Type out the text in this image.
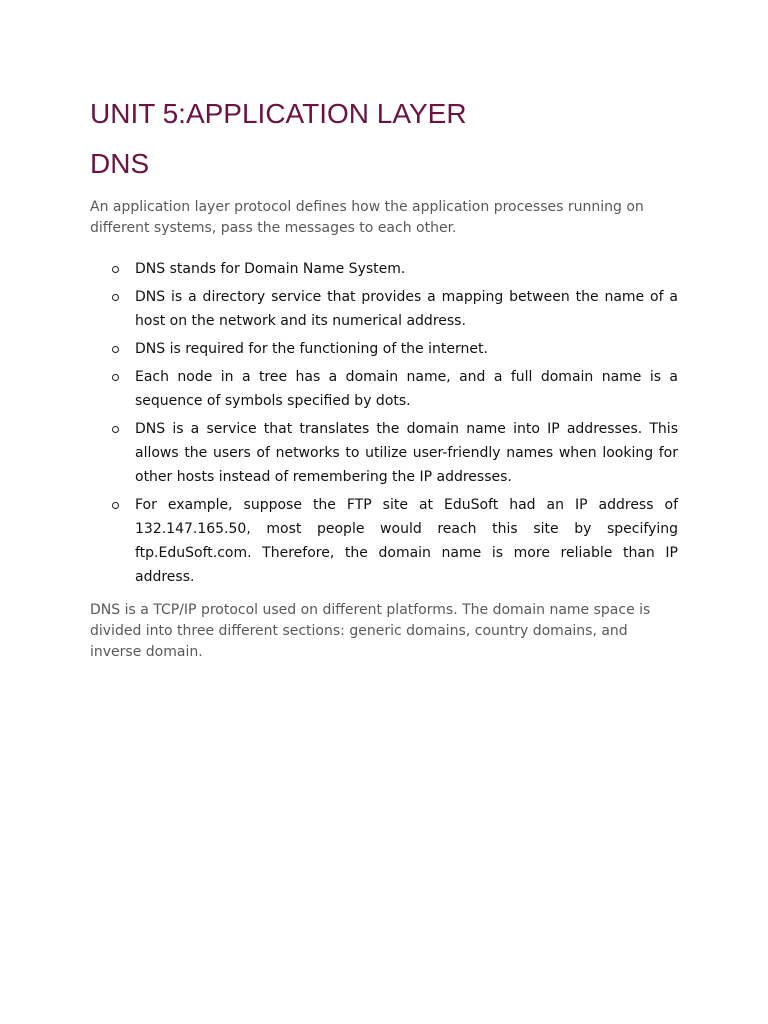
UNIT 5:APPLICATION LAYER
DNS

An application layer protocol defines how the application processes running on different systems, pass the messages to each other.

DNS stands for Domain Name System.
DNS is a directory service that provides a mapping between the name of a host on the network and its numerical address.
DNS is required for the functioning of the internet.
Each node in a tree has a domain name, and a full domain name is a sequence of symbols specified by dots.
DNS is a service that translates the domain name into IP addresses. This allows the users of networks to utilize user-friendly names when looking for other hosts instead of remembering the IP addresses.
For example, suppose the FTP site at EduSoft had an IP address of 132.147.165.50, most people would reach this site by specifying ftp.EduSoft.com. Therefore, the domain name is more reliable than IP address.

DNS is a TCP/IP protocol used on different platforms. The domain name space is divided into three different sections: generic domains, country domains, and inverse domain.
